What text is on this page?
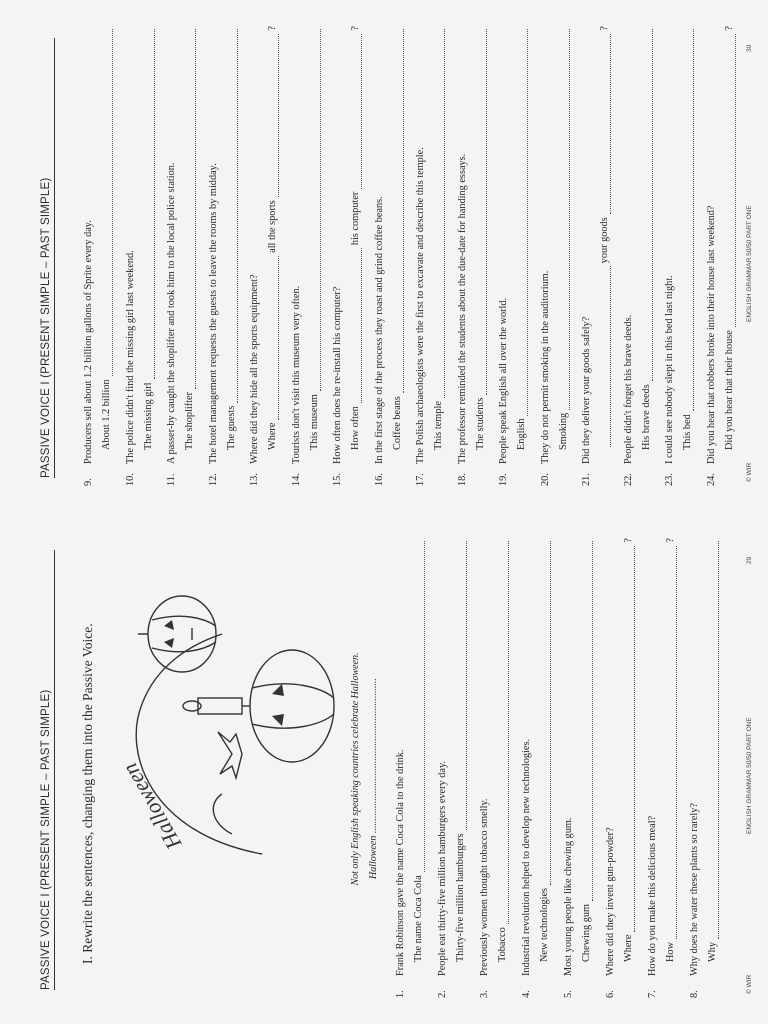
PASSIVE VOICE I (PRESENT SIMPLE – PAST SIMPLE) I. Rewrite the sentences, changing them into the Passive Voice. Halloween	Not only English speaking countries celebrate Halloween. Halloween ..............................................................
1.Frank Robinson gave the name Coca Cola to the drink. The name Coca Cola
2.People eat thirty-five million hamburgers every day. Thirty-five million hamburgers
3.Previously women thought tobacco smelly. Tobacco
4.Industrial revolution helped to develop new technologies. New technologies
5.Most young people like chewing gum. Chewing gum
6.Where did they invent gun-powder? Where
?
7.How do you make this delicious meal? How
?
8.Why does he water these plants so rarely? Why
© WIR
ENGLISH GRAMMAR 50/50 PART ONE
29
PASSIVE VOICE I (PRESENT SIMPLE – PAST SIMPLE)
9.Producers sell about 1.2 billion gallons of Sprite every day. About 1.2 billion
10.The police didn't find the missing girl last weekend. The missing girl
11.A passer-by caught the shoplifter and took him to the local police station. The shoplifter
12.The hotel management requests the guests to leave the rooms by midday. The guests
13.Where did they hide all the sports equipment? Where
all the sports
?
14.Tourists don't visit this museum very often. This museum
15.How often does he re-install his computer? How often
his computer
?
16.In the first stage of the process they roast and grind coffee beans. Coffee beans
17.The Polish archaeologists were the first to excavate and describe this temple. This temple
18.The professor reminded the students about the due-date for handing essays. The students
19.People speak English all over the world. English
20.They do not permit smoking in the auditorium. Smoking
21.Did they deliver your goods safely?
your goods
?
22.People didn't forget his brave deeds. His brave deeds
23.I could see nobody slept in this bed last night. This bed
24.Did you hear that robbers broke into their house last weekend? Did you hear that their house
?
© WIR
ENGLISH GRAMMAR 50/50 PART ONE
30
